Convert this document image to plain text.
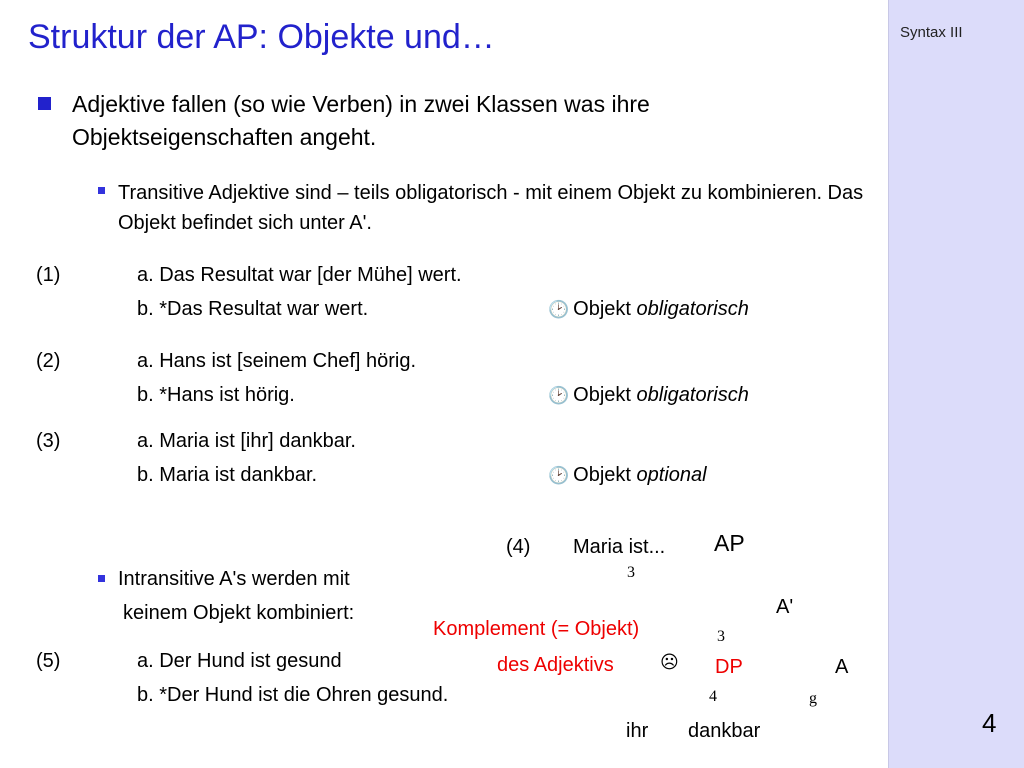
Syntax III
4
Struktur der AP: Objekte und…
Adjektive fallen (so wie Verben) in zwei Klassen was ihre Objektseigenschaften angeht.
Transitive Adjektive sind – teils obligatorisch - mit einem Objekt zu kombinieren. Das Objekt befindet sich unter A'.
(1)	a. Das Resultat war [der Mühe] wert.
b. *Das Resultat war wert.	🕑 Objekt obligatorisch
(2)	a. Hans ist [seinem Chef] hörig.
b. *Hans ist hörig.	🕑 Objekt obligatorisch
(3)	a. Maria ist [ihr] dankbar.
b. Maria ist dankbar.	🕑 Objekt optional
Intransitive A's werden mit
keinem Objekt kombiniert:
(5)	a. Der Hund ist gesund
b. *Der Hund ist die Ohren gesund.
(4) Maria ist... AP
3
A'
Komplement (= Objekt)	3
des Adjektivs	☹ DP	A
4	g
ihr dankbar
